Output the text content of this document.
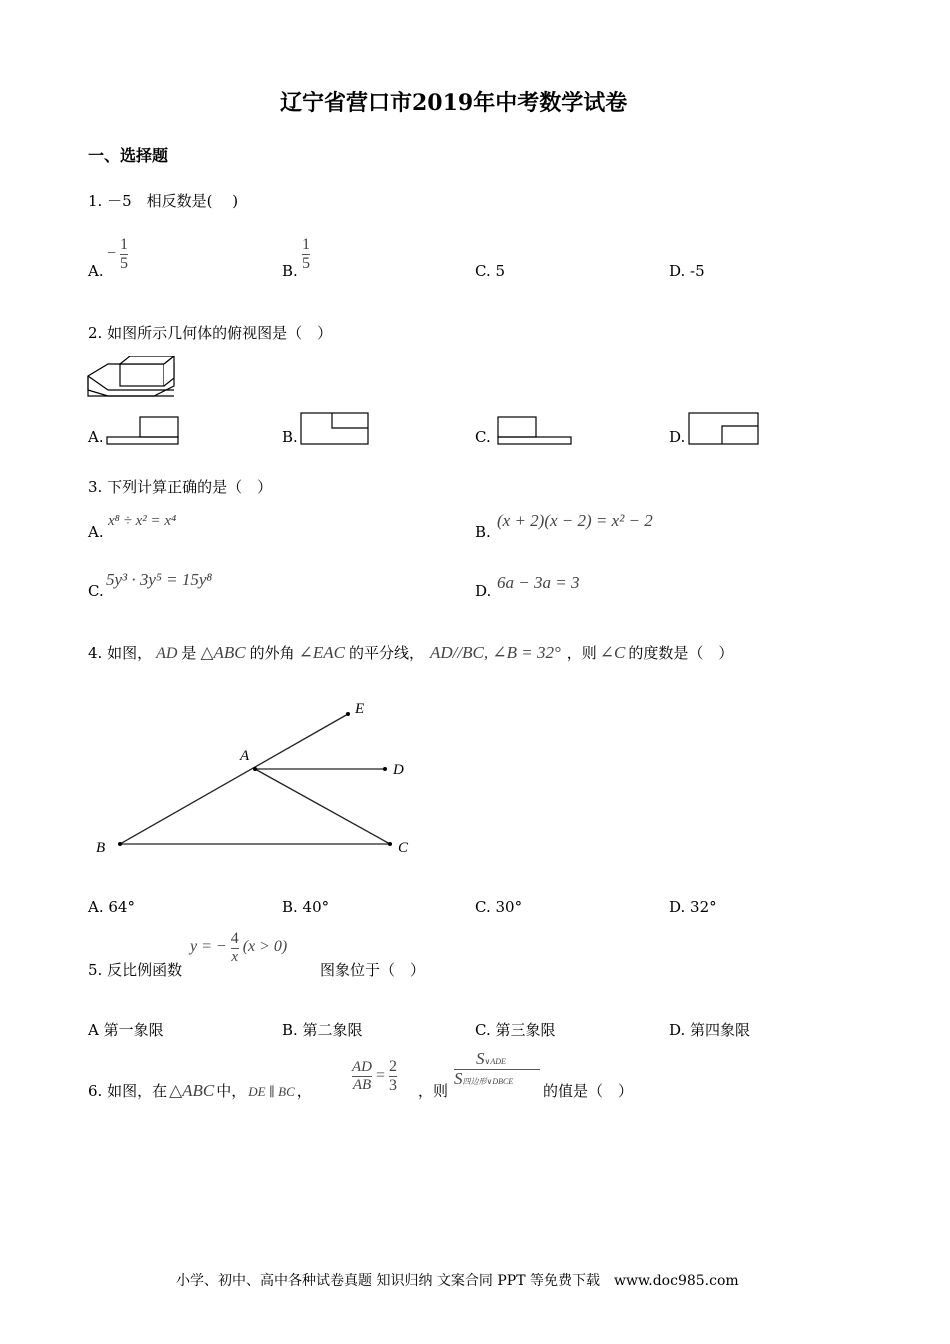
辽宁省营口市2019年中考数学试卷
一、选择题
1. －5　相反数是(　 )
A.
− $\frac{1}{5}$	B. $\frac{1}{5}$	C. 5	D. -5
2. 如图所示几何体的俯视图是（　）
A.	B.	C.	D.
3. 下列计算正确的是（　）
A.
x⁸ ÷ x² = x⁴
B.
(x + 2)(x − 2) = x² − 2
C.
5y³ · 3y⁵ = 15y⁸
D. 6a − 3a = 3
4. 如图， AD 是 △ABC 的外角 ∠EAC 的平分线， AD//BC, ∠B = 32° ，则 ∠C 的度数是（　）
E
A
D
B	C
A. 64°	B. 40°	C. 30°	D. 32°
5. 反比例函数
y = − $\frac{4}{x} (x > 0)$
图象位于（　）
A 第一象限	B. 第二象限	C. 第三象限	D. 第四象限
6. 如图，在 △ABC 中， DE ∥ BC ，	$\frac{AD}{AB} = \frac{2}{3}$ ，则
$\frac{\text{S∨ADE}}{\text{S四边形∨DBCE}}$
的值是（　）
小学、初中、高中各种试卷真题 知识归纳 文案合同 PPT 等免费下载　www.doc985.com
